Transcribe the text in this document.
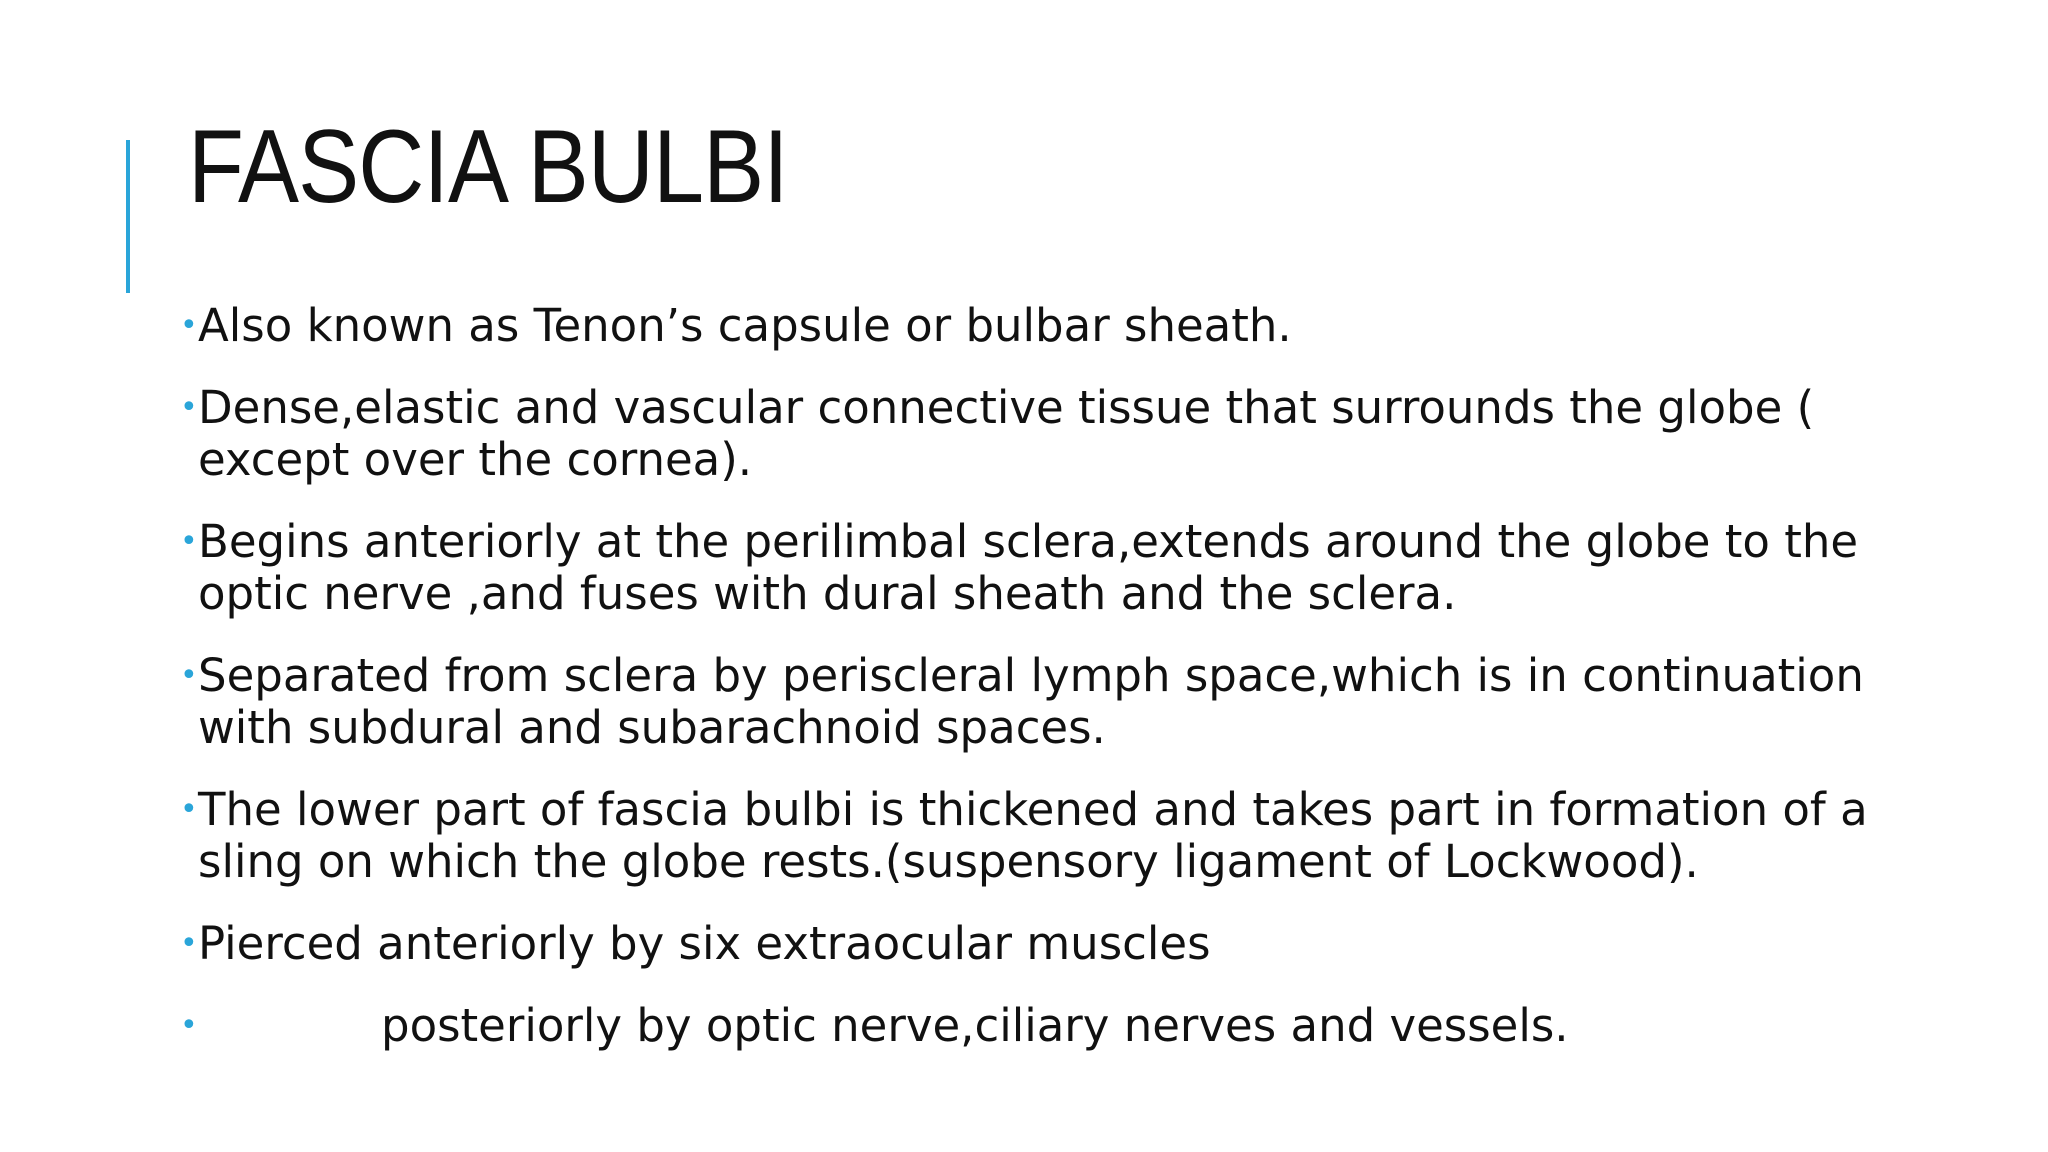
FASCIA BULBI
• Also known as Tenon’s capsule or bulbar sheath.
• Dense,elastic and vascular connective tissue that surrounds the globe ( except over the cornea).
• Begins anteriorly at the perilimbal sclera,extends around the globe to the optic nerve ,and fuses with dural sheath and the sclera.
• Separated from sclera by periscleral lymph space,which is in continuation with subdural and subarachnoid spaces.
• The lower part of fascia bulbi is thickened and takes part in formation of a sling on which the globe rests.(suspensory ligament of Lockwood).
• Pierced anteriorly by six extraocular muscles
•	posteriorly by optic nerve,ciliary nerves and vessels.
